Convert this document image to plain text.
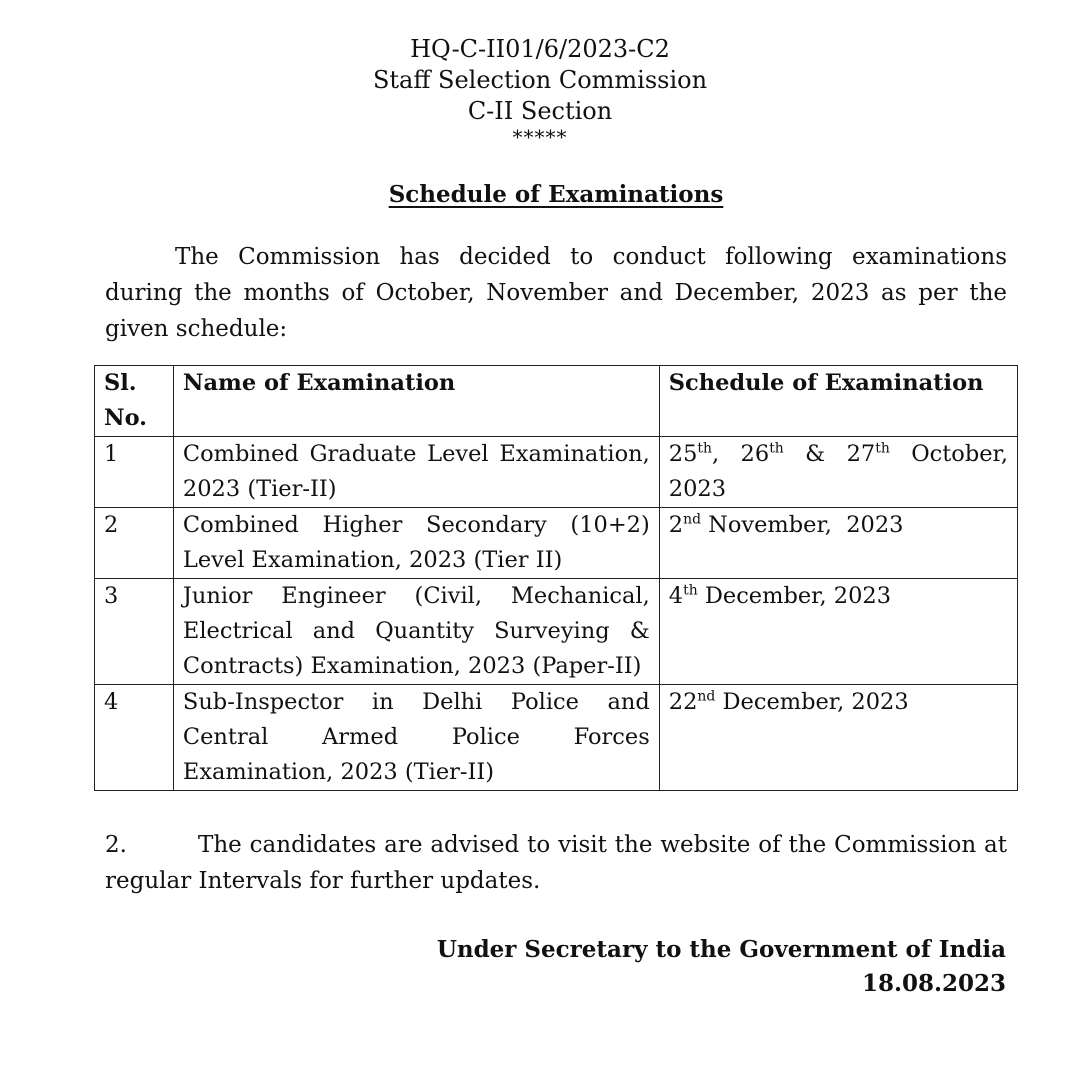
HQ-C-II01/6/2023-C2
Staff Selection Commission
C-II Section
*****
Schedule of Examinations
The Commission has decided to conduct following examinations during the months of October, November and December, 2023 as per the given schedule:
Sl. No.	Name of Examination	Schedule of Examination
1	Combined Graduate Level Examination, 2023 (Tier-II)	25th, 26th & 27th October, 2023
2	Combined Higher Secondary (10+2) Level Examination, 2023 (Tier II)	2nd November,  2023
3	Junior Engineer (Civil, Mechanical, Electrical and Quantity Surveying & Contracts) Examination, 2023 (Paper-II)	4th December, 2023
4	Sub-Inspector in Delhi Police and Central Armed Police Forces Examination, 2023 (Tier-II)	22nd December, 2023
2.	The candidates are advised to visit the website of the Commission at regular Intervals for further updates.
Under Secretary to the Government of India
18.08.2023
